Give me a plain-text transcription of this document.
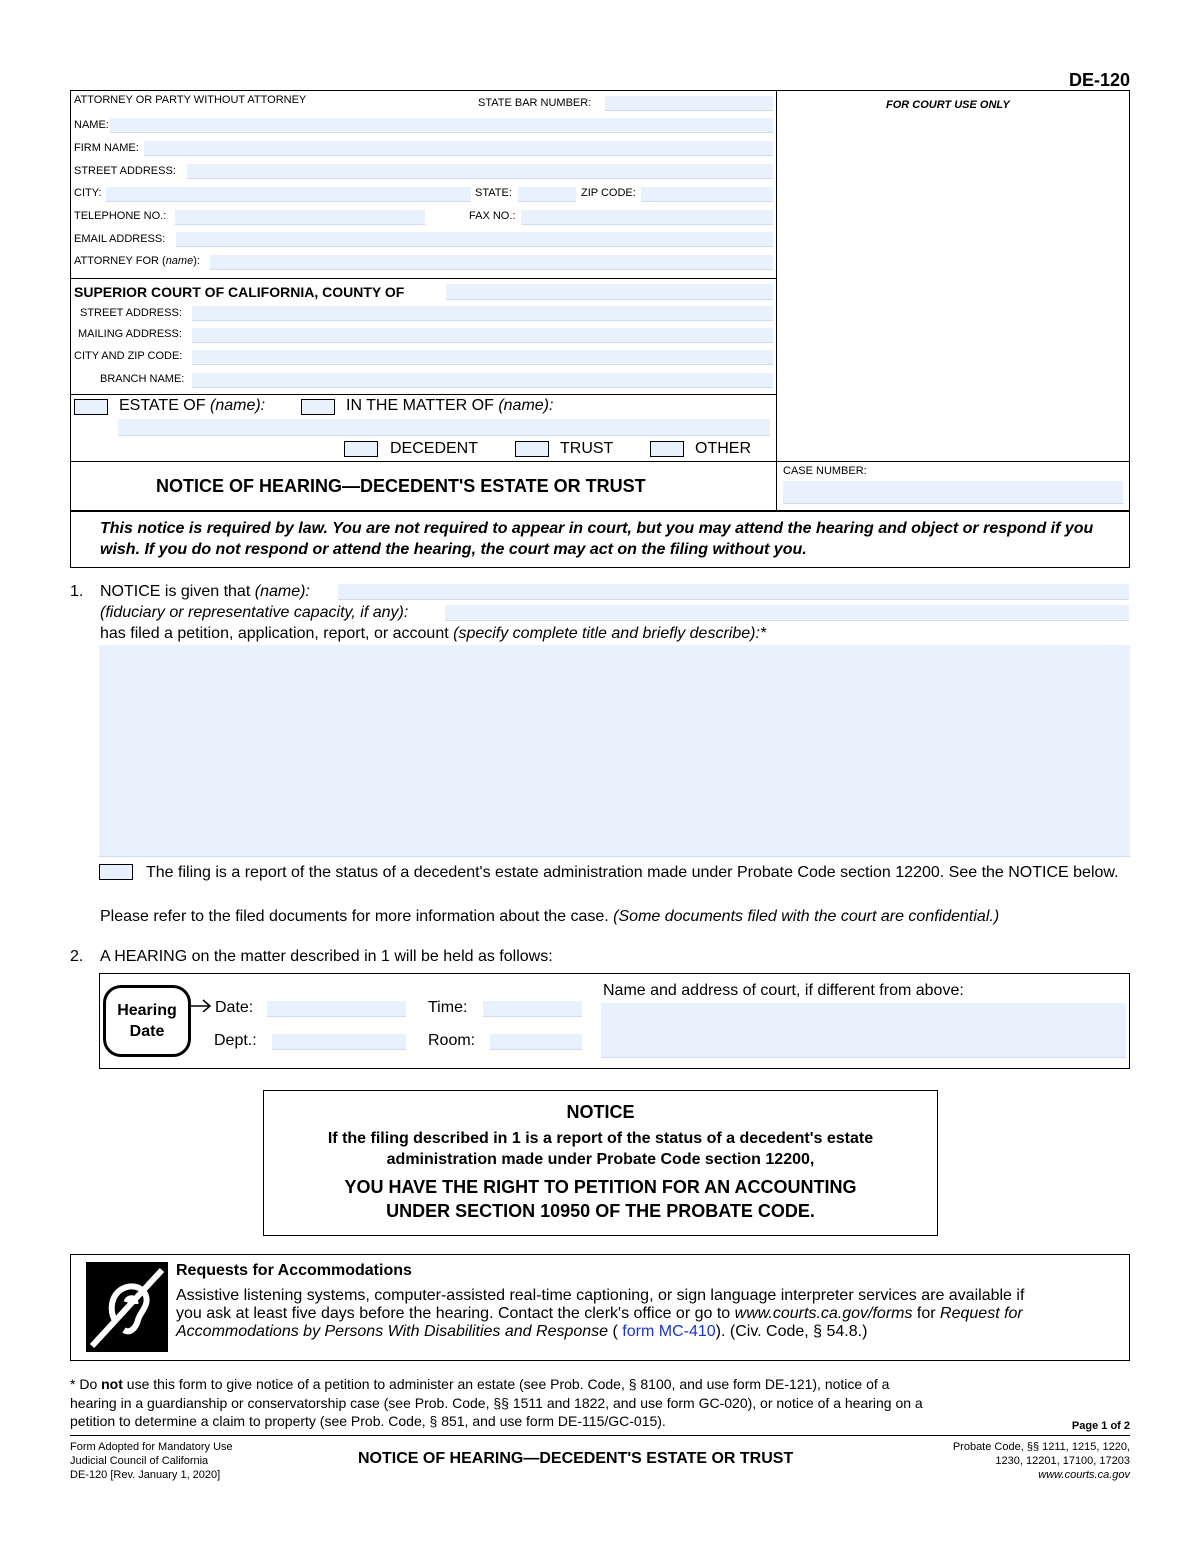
DE-120
ATTORNEY OR PARTY WITHOUT ATTORNEY	STATE BAR NUMBER:
NAME:
FIRM NAME:
STREET ADDRESS:
CITY:	STATE:	ZIP CODE:
TELEPHONE NO.:	FAX NO.:
EMAIL ADDRESS:
ATTORNEY FOR (name):
FOR COURT USE ONLY
SUPERIOR COURT OF CALIFORNIA, COUNTY OF
STREET ADDRESS:
MAILING ADDRESS:
CITY AND ZIP CODE:
BRANCH NAME:
ESTATE OF (name):	IN THE MATTER OF (name):
DECEDENT	TRUST	OTHER
NOTICE OF HEARING—DECEDENT'S ESTATE OR TRUST
CASE NUMBER:
This notice is required by law. You are not required to appear in court, but you may attend the hearing and object or respond if you wish. If you do not respond or attend the hearing, the court may act on the filing without you.
1. NOTICE is given that (name):
(fiduciary or representative capacity, if any):
has filed a petition, application, report, or account (specify complete title and briefly describe):*
The filing is a report of the status of a decedent's estate administration made under Probate Code section 12200. See the NOTICE below.
Please refer to the filed documents for more information about the case. (Some documents filed with the court are confidential.)
2. A HEARING on the matter described in 1 will be held as follows:
Hearing
Date
Date:	Time:
Dept.:	Room:
Name and address of court, if different from above:
NOTICE
If the filing described in 1 is a report of the status of a decedent's estate
administration made under Probate Code section 12200,
YOU HAVE THE RIGHT TO PETITION FOR AN ACCOUNTING
UNDER SECTION 10950 OF THE PROBATE CODE.
Requests for Accommodations
Assistive listening systems, computer-assisted real-time captioning, or sign language interpreter services are available if
you ask at least five days before the hearing. Contact the clerk's office or go to www.courts.ca.gov/forms for Request for
Accommodations by Persons With Disabilities and Response ( form MC-410). (Civ. Code, § 54.8.)
* Do not use this form to give notice of a petition to administer an estate (see Prob. Code, § 8100, and use form DE-121), notice of a
hearing in a guardianship or conservatorship case (see Prob. Code, §§ 1511 and 1822, and use form GC-020), or notice of a hearing on a
petition to determine a claim to property (see Prob. Code, § 851, and use form DE-115/GC-015).	Page 1 of 2
Form Adopted for Mandatory Use
Judicial Council of California
DE-120 [Rev. January 1, 2020]
NOTICE OF HEARING—DECEDENT'S ESTATE OR TRUST
Probate Code, §§ 1211, 1215, 1220,
1230, 12201, 17100, 17203
www.courts.ca.gov
